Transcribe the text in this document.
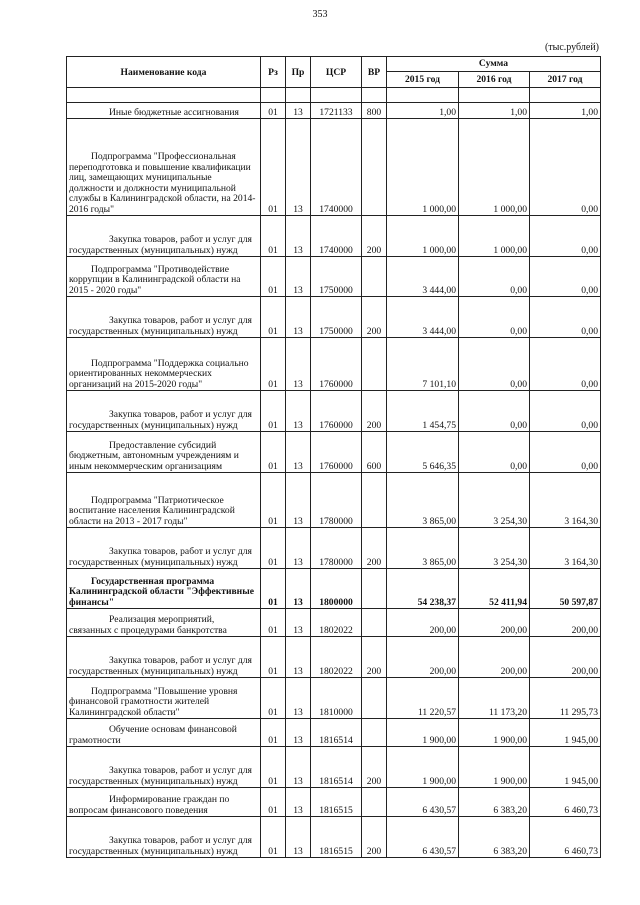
353
(тыс.рублей)
Наименование кода	Рз	Пр	ЦСР	ВР	Сумма		
					2015 год	2016 год	2017 год

Иные бюджетные ассигнования	01	13	1721133	800	1,00	1,00	1,00
Подпрограмма "Профессиональная переподготовка и повышение квалификации лиц, замещающих муниципальные должности и должности муниципальной службы в Калининградской области, на 2014-2016 годы"	01	13	1740000		1 000,00	1 000,00	0,00
Закупка товаров, работ и услуг для государственных (муниципальных) нужд	01	13	1740000	200	1 000,00	1 000,00	0,00
Подпрограмма "Противодействие коррупции в Калининградской области на 2015 - 2020 годы"	01	13	1750000		3 444,00	0,00	0,00
Закупка товаров, работ и услуг для государственных (муниципальных) нужд	01	13	1750000	200	3 444,00	0,00	0,00
Подпрограмма "Поддержка социально ориентированных некоммерческих организаций на 2015-2020 годы"	01	13	1760000		7 101,10	0,00	0,00
Закупка товаров, работ и услуг для государственных (муниципальных) нужд	01	13	1760000	200	1 454,75	0,00	0,00
Предоставление субсидий бюджетным, автономным учреждениям и иным некоммерческим организациям	01	13	1760000	600	5 646,35	0,00	0,00
Подпрограмма "Патриотическое воспитание населения Калининградской области на 2013 - 2017 годы"	01	13	1780000		3 865,00	3 254,30	3 164,30
Закупка товаров, работ и услуг для государственных (муниципальных) нужд	01	13	1780000	200	3 865,00	3 254,30	3 164,30
Государственная программа Калининградской области "Эффективные финансы"	01	13	1800000		54 238,37	52 411,94	50 597,87
Реализация мероприятий, связанных с процедурами банкротства	01	13	1802022		200,00	200,00	200,00
Закупка товаров, работ и услуг для государственных (муниципальных) нужд	01	13	1802022	200	200,00	200,00	200,00
Подпрограмма "Повышение уровня финансовой грамотности жителей Калининградской области"	01	13	1810000		11 220,57	11 173,20	11 295,73
Обучение основам финансовой грамотности	01	13	1816514		1 900,00	1 900,00	1 945,00
Закупка товаров, работ и услуг для государственных (муниципальных) нужд	01	13	1816514	200	1 900,00	1 900,00	1 945,00
Информирование граждан по вопросам финансового поведения	01	13	1816515		6 430,57	6 383,20	6 460,73
Закупка товаров, работ и услуг для государственных (муниципальных) нужд	01	13	1816515	200	6 430,57	6 383,20	6 460,73
